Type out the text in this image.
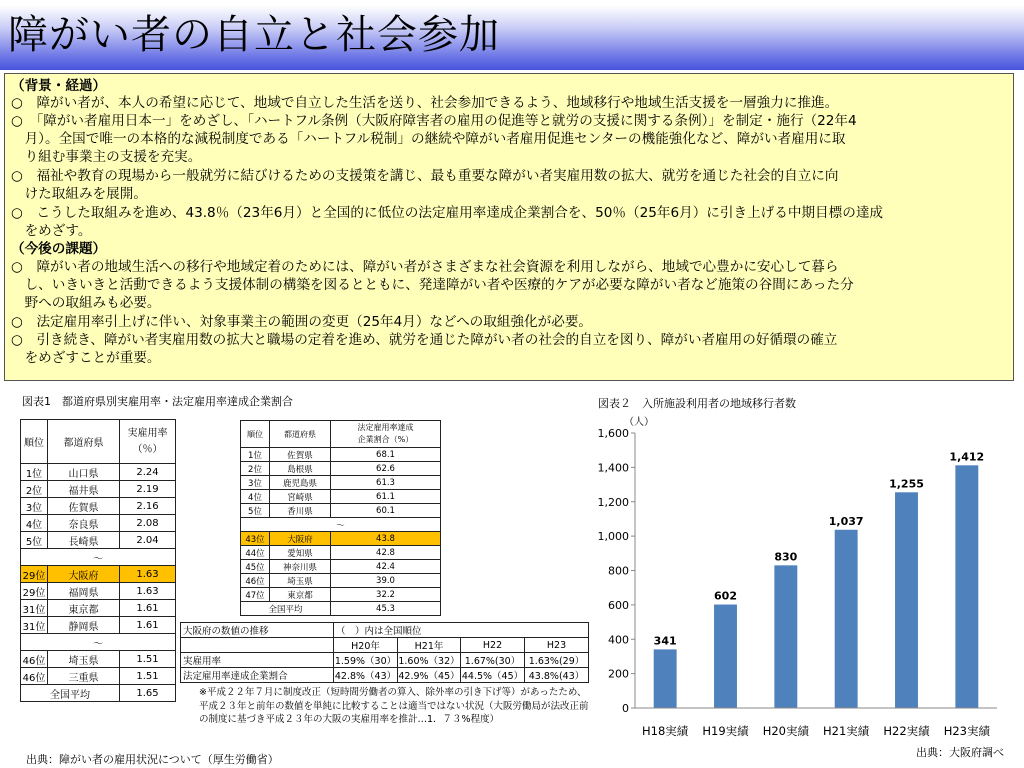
障がい者の自立と社会参加
（背景・経過）
○　障がい者が、本人の希望に応じて、地域で自立した生活を送り、社会参加できるよう、地域移行や地域生活支援を一層強力に推進。
○　「障がい者雇用日本一」をめざし、「ハートフル条例（大阪府障害者の雇用の促進等と就労の支援に関する条例）」を制定・施行（22年4
　月）。全国で唯一の本格的な減税制度である「ハートフル税制」の継続や障がい者雇用促進センターの機能強化など、障がい者雇用に取
　り組む事業主の支援を充実。
○　福祉や教育の現場から一般就労に結びけるための支援策を講じ、最も重要な障がい者実雇用数の拡大、就労を通じた社会的自立に向
　けた取組みを展開。
○　こうした取組みを進め、43.8％（23年6月）と全国的に低位の法定雇用率達成企業割合を、50％（25年6月）に引き上げる中期目標の達成
　をめざす。
（今後の課題）
○　障がい者の地域生活への移行や地域定着のためには、障がい者がさまざまな社会資源を利用しながら、地域で心豊かに安心して暮ら
　し、いきいきと活動できるよう支援体制の構築を図るとともに、発達障がい者や医療的ケアが必要な障がい者など施策の谷間にあった分
　野への取組みも必要。
○　法定雇用率引上げに伴い、対象事業主の範囲の変更（25年4月）などへの取組強化が必要。
○　引き続き、障がい者実雇用数の拡大と職場の定着を進め、就労を通じた障がい者の社会的自立を図り、障がい者雇用の好循環の確立
　をめざすことが重要。
図表1　都道府県別実雇用率・法定雇用率達成企業割合
順位	都道府県	実雇用率
（％）
1位	山口県	2.24
2位	福井県	2.19
3位	佐賀県	2.16
4位	奈良県	2.08
5位	長崎県	2.04
〜		
29位	大阪府	1.63
29位	福岡県	1.63
31位	東京都	1.61
31位	静岡県	1.61
〜		
46位	埼玉県	1.51
46位	三重県	1.51
全国平均		1.65
順位	都道府県	法定雇用率達成
企業割合（%）
1位	佐賀県	68.1
2位	島根県	62.6
3位	鹿児島県	61.3
4位	宮崎県	61.1
5位	香川県	60.1
〜		
43位	大阪府	43.8
44位	愛知県	42.8
45位	神奈川県	42.4
46位	埼玉県	39.0
47位	東京都	32.2
全国平均		45.3
大阪府の数値の推移	（　）内は全国順位			
	H20年	H21年	H22	H23
実雇用率	1.59%（30）	1.60%（32）	1.67%(30）	1.63%(29）
法定雇用率達成企業割合	42.8%（43）	42.9%（45）	44.5%（45）	43.8%(43）
※平成２２年７月に制度改正（短時間労働者の算入、除外率の引き下げ等）があったため、平成２３年と前年の数値を単純に比較することは適当ではない状況（大阪労働局が法改正前の制度に基づき平成２３年の大阪の実雇用率を推計…1．７３%程度）
出典：障がい者の雇用状況について（厚生労働省）
図表２　入所施設利用者の地域移行者数
（人）
0
200
400
600
800
1,000
1,200
1,400
1,600
341
602
830
1,037
1,255
1,412
H18実績 H19実績 H20実績 H21実績 H22実績 H23実績
出典：大阪府調べ
